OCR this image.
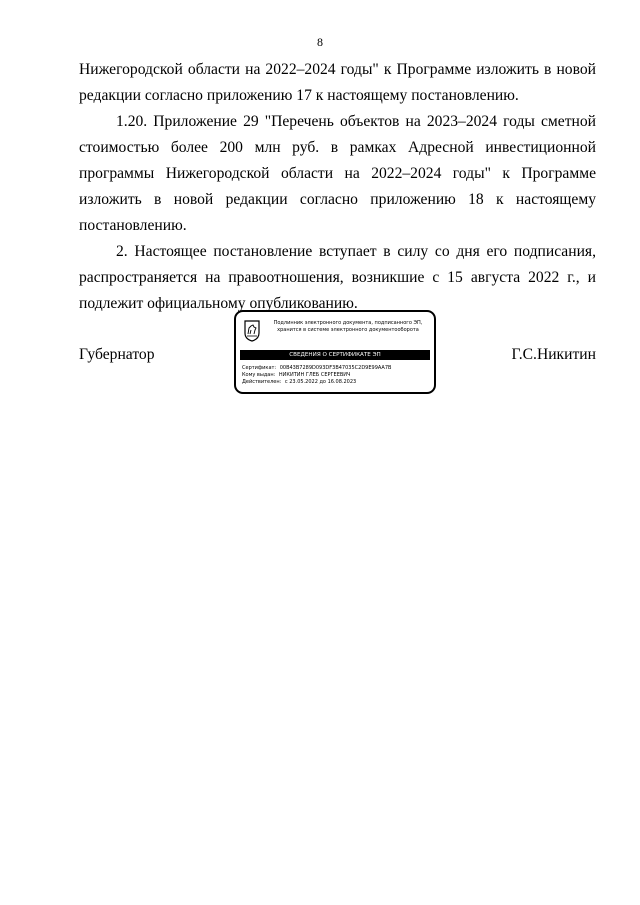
8

Нижегородской области на 2022–2024 годы" к Программе изложить в новой редакции согласно приложению 17 к настоящему постановлению.

1.20. Приложение 29 "Перечень объектов на 2023–2024 годы сметной стоимостью более 200 млн руб. в рамках Адресной инвестиционной программы Нижегородской области на 2022–2024 годы" к Программе изложить в новой редакции согласно приложению 18 к настоящему постановлению.

2. Настоящее постановление вступает в силу со дня его подписания, распространяется на правоотношения, возникшие с 15 августа 2022 г., и подлежит официальному опубликованию.

Губернатор	Г.С.Никитин
Подлинник электронного документа, подписанного ЭП,
хранится в системе электронного документооборота
СВЕДЕНИЯ О СЕРТИФИКАТЕ ЭП
Сертификат: 00B43B7289D093DF3B47035C2D9E99AA7B
Кому выдан: НИКИТИН ГЛЕБ СЕРГЕЕВИЧ
Действителен: с 23.05.2022 до 16.08.2023
